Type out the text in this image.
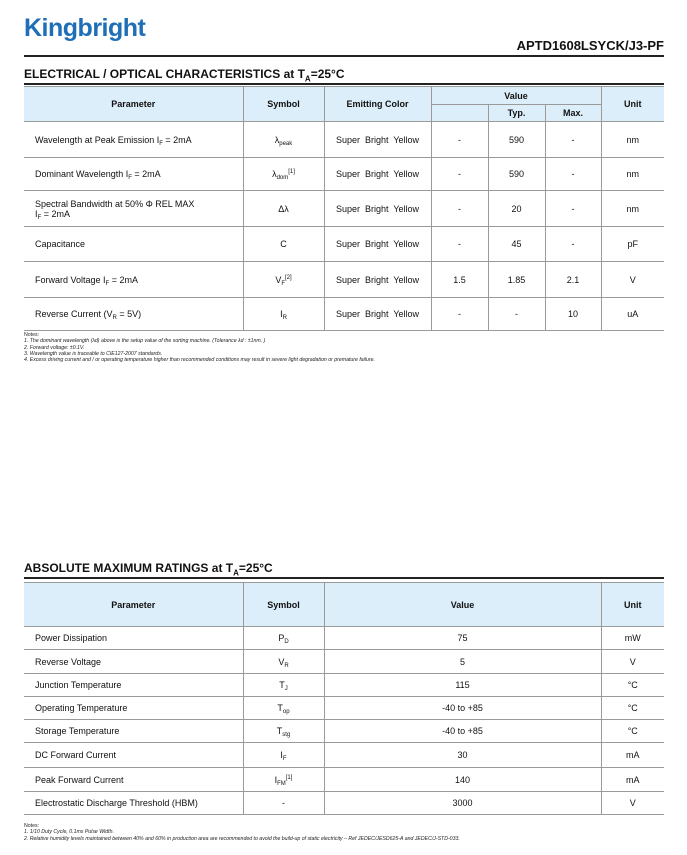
Kingbright
APTD1608LSYCK/J3-PF
ELECTRICAL / OPTICAL CHARACTERISTICS at $T_A=25^\circ C$
Parameter	Symbol	Emitting Color	Value			Unit
				Typ.	Max.	
Wavelength at Peak Emission $I_F = 2mA$	$\lambda_{peak}$	Super  Bright  Yellow	-	590	-	nm
Dominant Wavelength $I_F = 2mA$	$\lambda_{dom}[1]$	Super  Bright  Yellow	-	590	-	nm
Spectral Bandwidth at 50% Φ REL MAX
$I_F = 2mA$	Δλ	Super  Bright  Yellow	-	20	-	nm
Capacitance	C	Super  Bright  Yellow	-	45	-	pF
Forward Voltage $I_F = 2mA$	$V_F[2]$	Super  Bright  Yellow	1.5	1.85	2.1	V
Reverse Current $(V_R = 5V)$	$I_R$	Super  Bright  Yellow	-	-	10	uA
Notes:
1. The dominant wavelength (λd) above is the setup value of the sorting machine. (Tolerance λd : ±1nm. )
2. Forward voltage: ±0.1V.
3. Wavelength value is traceable to CIE127-2007 standards.
4. Excess driving current and / or operating temperature higher than recommended conditions may result in severe light degradation or premature failure.
ABSOLUTE MAXIMUM RATINGS at $T_A=25^\circ C$
Parameter	Symbol	Value	Unit
Power Dissipation	$P_D$	75	mW
Reverse Voltage	$V_R$	5	V
Junction Temperature	$T_J$	115	°C
Operating Temperature	$T_{op}$	-40 to +85	°C
Storage Temperature	$T_{stg}$	-40 to +85	°C
DC Forward Current	$I_F$	30	mA
Peak Forward Current	$I_{FM}[1]$	140	mA
Electrostatic Discharge Threshold (HBM)	-	3000	V
Notes:
1. 1/10 Duty Cycle, 0.1ms Pulse Width.
2. Relative humidity levels maintained between 40% and 60% in production area are recommended to avoid the build-up of static electricity – Ref JEDEC/JESD625-A and JEDEC/J-STD-033.
